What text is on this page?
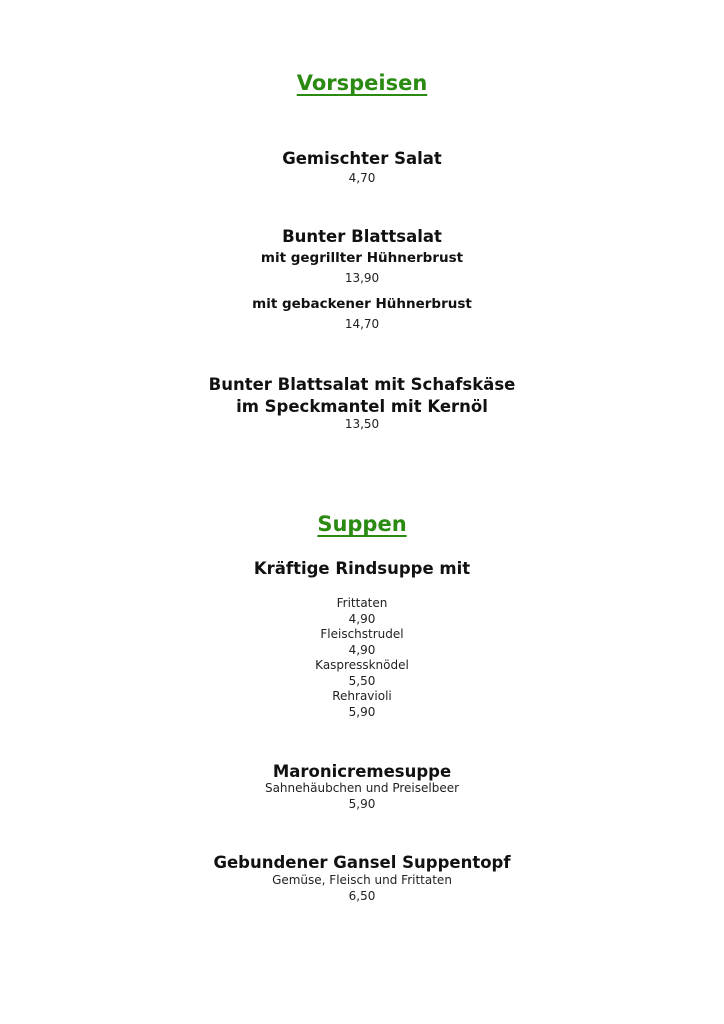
Vorspeisen
Gemischter Salat
4,70
Bunter Blattsalat
mit gegrillter Hühnerbrust
13,90
mit gebackener Hühnerbrust
14,70
Bunter Blattsalat mit Schafskäse
im Speckmantel mit Kernöl
13,50
Suppen
Kräftige Rindsuppe mit
Frittaten
4,90
Fleischstrudel
4,90
Kaspressknödel
5,50
Rehravioli
5,90
Maronicremesuppe
Sahnehäubchen und Preiselbeer
5,90
Gebundener Gansel Suppentopf
Gemüse, Fleisch und Frittaten
6,50
